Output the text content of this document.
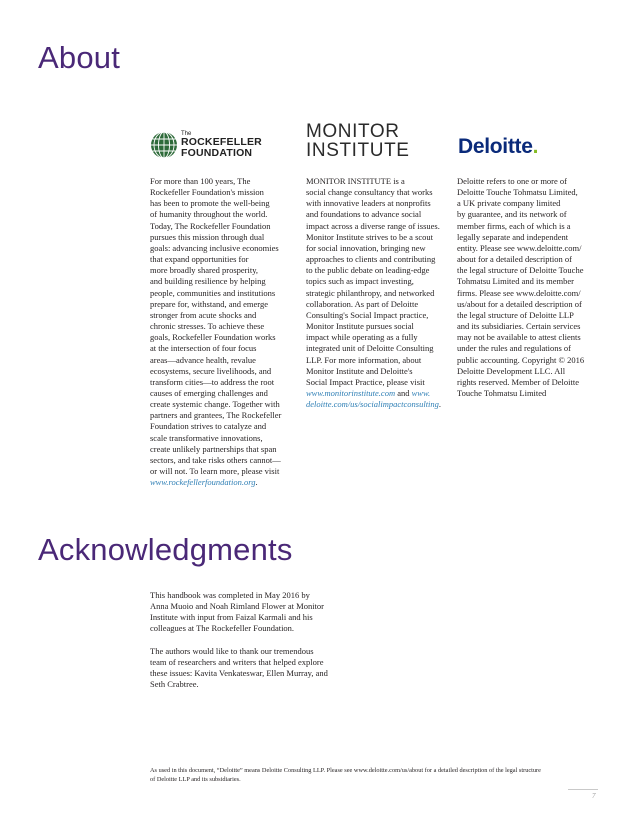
About
The
ROCKEFELLER
FOUNDATION
MONITOR
INSTITUTE	Deloitte.
For more than 100 years, The
Rockefeller Foundation's mission
has been to promote the well-being
of humanity throughout the world.
Today, The Rockefeller Foundation
pursues this mission through dual
goals: advancing inclusive economies
that expand opportunities for
more broadly shared prosperity,
and building resilience by helping
people, communities and institutions
prepare for, withstand, and emerge
stronger from acute shocks and
chronic stresses. To achieve these
goals, Rockefeller Foundation works
at the intersection of four focus
areas—advance health, revalue
ecosystems, secure livelihoods, and
transform cities—to address the root
causes of emerging challenges and
create systemic change. Together with
partners and grantees, The Rockefeller
Foundation strives to catalyze and
scale transformative innovations,
create unlikely partnerships that span
sectors, and take risks others cannot—
or will not. To learn more, please visit
www.rockefellerfoundation.org.
MONITOR INSTITUTE is a
social change consultancy that works
with innovative leaders at nonprofits
and foundations to advance social
impact across a diverse range of issues.
Monitor Institute strives to be a scout
for social innovation, bringing new
approaches to clients and contributing
to the public debate on leading-edge
topics such as impact investing,
strategic philanthropy, and networked
collaboration. As part of Deloitte
Consulting's Social Impact practice,
Monitor Institute pursues social
impact while operating as a fully
integrated unit of Deloitte Consulting
LLP. For more information, about
Monitor Institute and Deloitte's
Social Impact Practice, please visit
www.monitorinstitute.com and www.
deloitte.com/us/socialimpactconsulting.
Deloitte refers to one or more of
Deloitte Touche Tohmatsu Limited,
a UK private company limited
by guarantee, and its network of
member firms, each of which is a
legally separate and independent
entity. Please see www.deloitte.com/
about for a detailed description of
the legal structure of Deloitte Touche
Tohmatsu Limited and its member
firms. Please see www.deloitte.com/
us/about for a detailed description of
the legal structure of Deloitte LLP
and its subsidiaries. Certain services
may not be available to attest clients
under the rules and regulations of
public accounting. Copyright © 2016
Deloitte Development LLC. All
rights reserved. Member of Deloitte
Touche Tohmatsu Limited
Acknowledgments

This handbook was completed in May 2016 by
Anna Muoio and Noah Rimland Flower at Monitor
Institute with input from Faizal Karmali and his
colleagues at The Rockefeller Foundation.

The authors would like to thank our tremendous
team of researchers and writers that helped explore
these issues: Kavita Venkateswar, Ellen Murray, and
Seth Crabtree.

As used in this document, “Deloitte” means Deloitte Consulting LLP. Please see www.deloitte.com/us/about for a detailed description of the legal structure
of Deloitte LLP and its subsidiaries.
7
